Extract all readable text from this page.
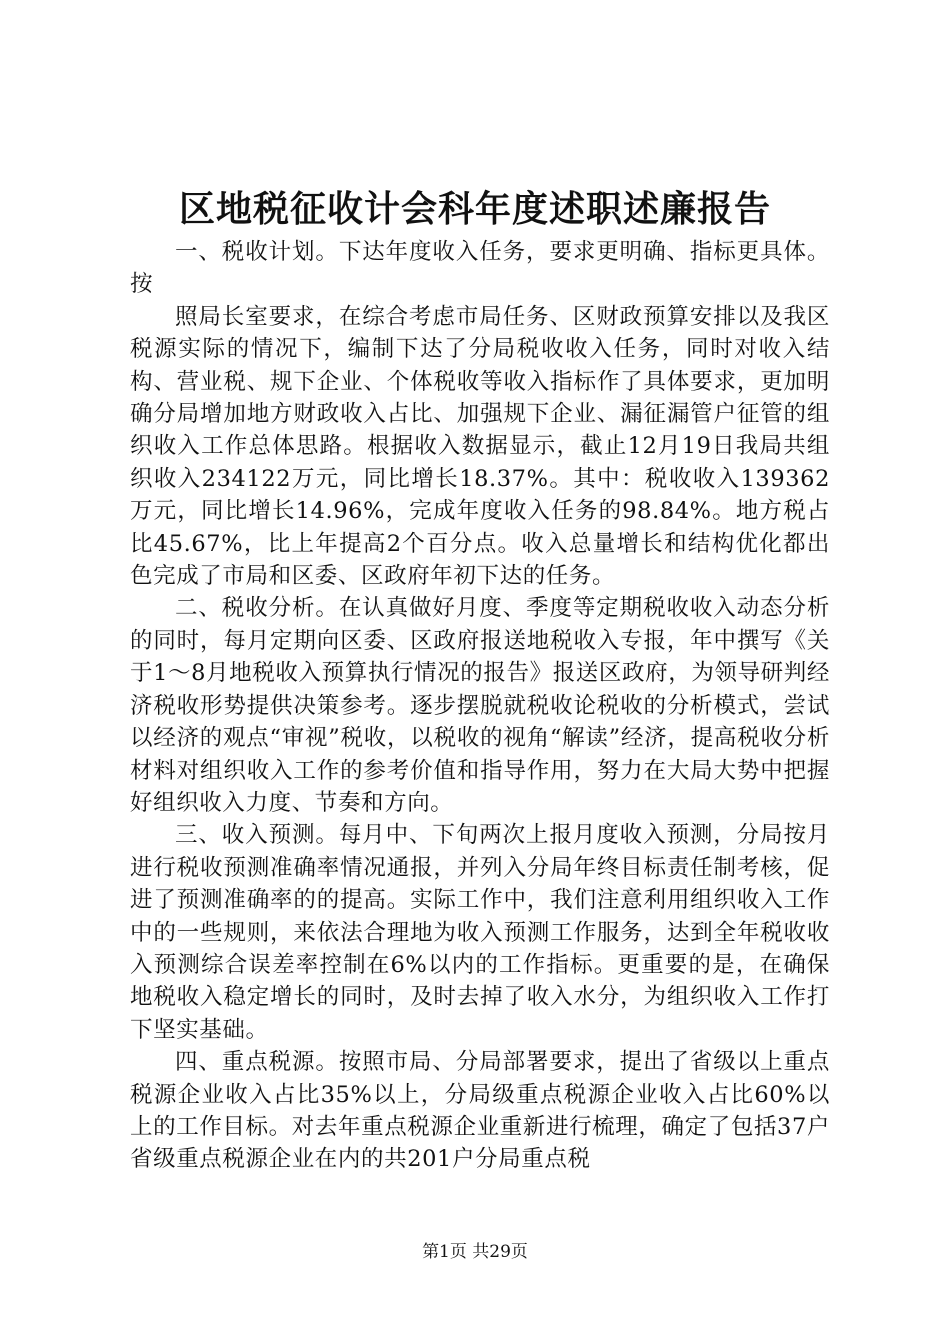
区地税征收计会科年度述职述廉报告

一、税收计划。下达年度收入任务，要求更明确、指标更具体。按

照局长室要求，在综合考虑市局任务、区财政预算安排以及我区税源实际的情况下，编制下达了分局税收收入任务，同时对收入结构、营业税、规下企业、个体税收等收入指标作了具体要求，更加明确分局增加地方财政收入占比、加强规下企业、漏征漏管户征管的组织收入工作总体思路。根据收入数据显示，截止12月19日我局共组织收入234122万元，同比增长18.37%。其中：税收收入139362万元，同比增长14.96%，完成年度收入任务的98.84%。地方税占比45.67%，比上年提高2个百分点。收入总量增长和结构优化都出色完成了市局和区委、区政府年初下达的任务。

二、税收分析。在认真做好月度、季度等定期税收收入动态分析的同时，每月定期向区委、区政府报送地税收入专报，年中撰写《关于1～8月地税收入预算执行情况的报告》报送区政府，为领导研判经济税收形势提供决策参考。逐步摆脱就税收论税收的分析模式，尝试以经济的观点“审视”税收，以税收的视角“解读”经济，提高税收分析材料对组织收入工作的参考价值和指导作用，努力在大局大势中把握好组织收入力度、节奏和方向。

三、收入预测。每月中、下旬两次上报月度收入预测，分局按月进行税收预测准确率情况通报，并列入分局年终目标责任制考核，促进了预测准确率的的提高。实际工作中，我们注意利用组织收入工作中的一些规则，来依法合理地为收入预测工作服务，达到全年税收收入预测综合误差率控制在6%以内的工作指标。更重要的是，在确保地税收入稳定增长的同时，及时去掉了收入水分，为组织收入工作打下坚实基础。

四、重点税源。按照市局、分局部署要求，提出了省级以上重点税源企业收入占比35%以上，分局级重点税源企业收入占比60%以上的工作目标。对去年重点税源企业重新进行梳理，确定了包括37户省级重点税源企业在内的共201户分局重点税

第1页 共29页
